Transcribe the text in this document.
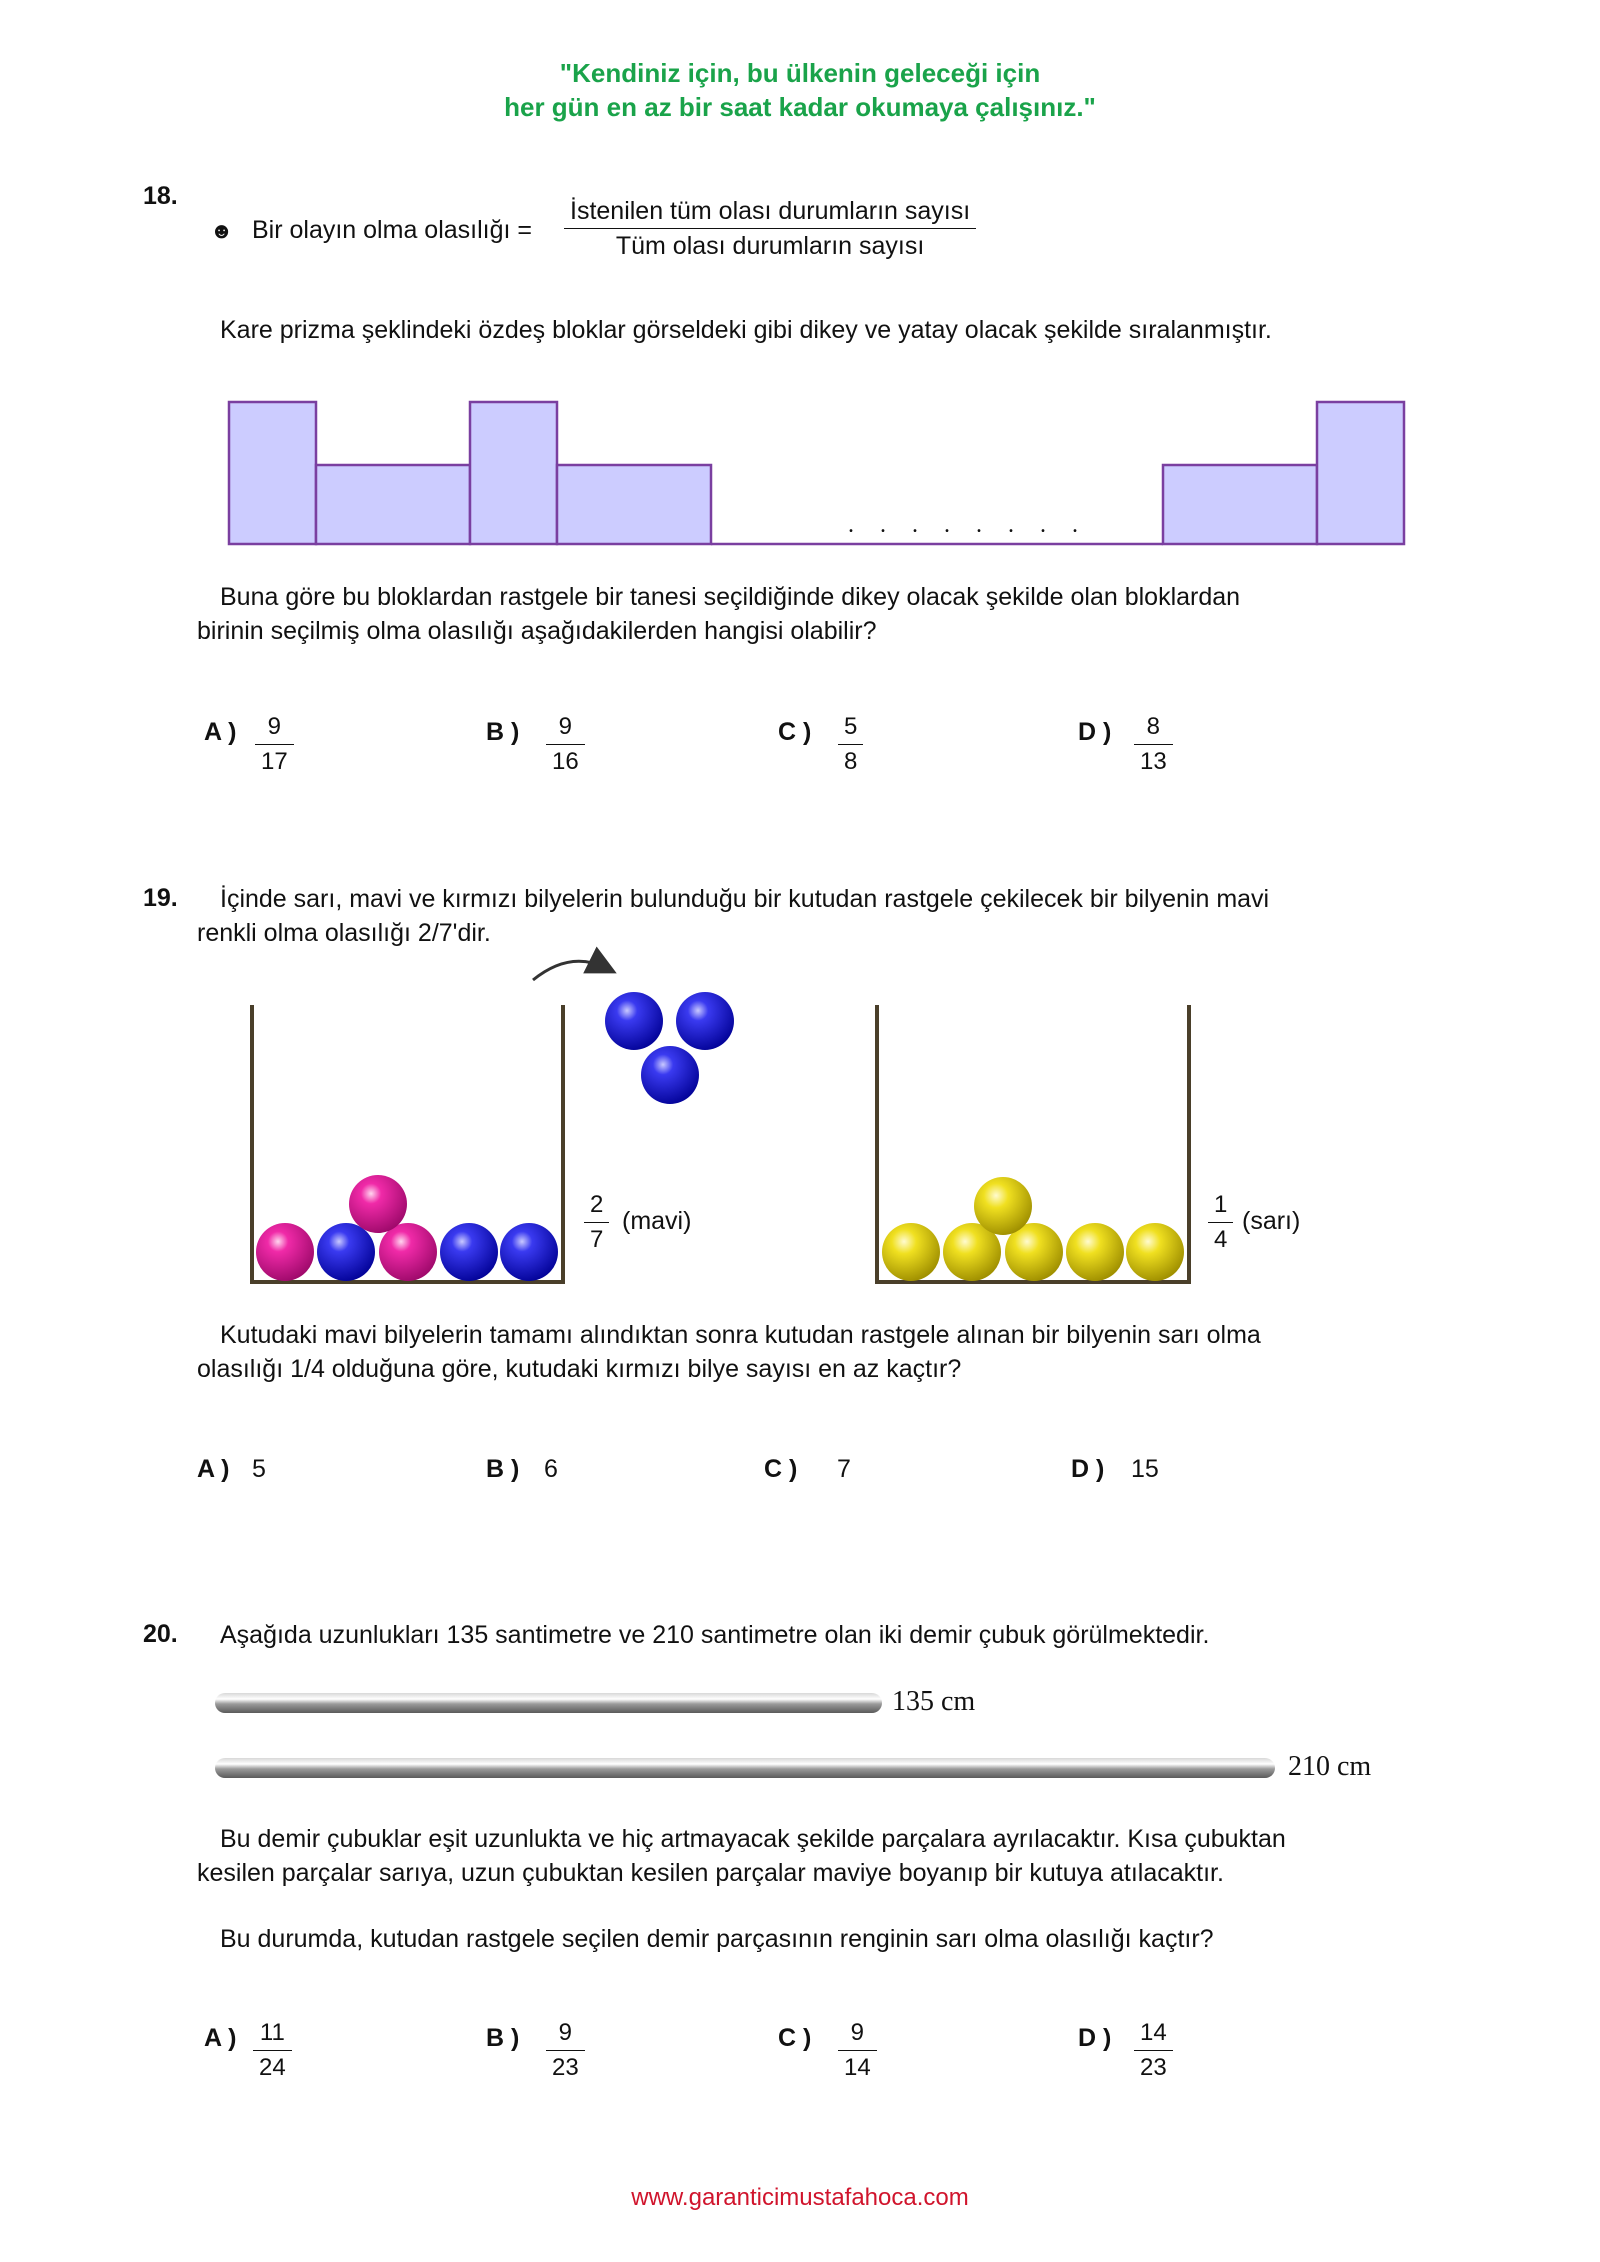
"Kendiniz için, bu ülkenin geleceği için
her gün en az bir saat kadar okumaya çalışınız."
18.
☻ Bir olayın olma olasılığı =
İstenilen tüm olası durumların sayısı
Tüm olası durumların sayısı
Kare prizma şeklindeki özdeş bloklar görseldeki gibi dikey ve yatay olacak şekilde sıralanmıştır.
. . . . . . . .
Buna göre bu bloklardan rastgele bir tanesi seçildiğinde dikey olacak şekilde olan bloklardan
birinin seçilmiş olma olasılığı aşağıdakilerden hangisi olabilir?
A ) 9
17
B ) 9
16
C ) 5
8
D ) 8
13
19. İçinde sarı, mavi ve kırmızı bilyelerin bulunduğu bir kutudan rastgele çekilecek bir bilyenin mavi
renkli olma olasılığı 2/7'dir.
2
7
(mavi)
1
4
(sarı)
Kutudaki mavi bilyelerin tamamı alındıktan sonra kutudan rastgele alınan bir bilyenin sarı olma
olasılığı 1/4 olduğuna göre, kutudaki kırmızı bilye sayısı en az kaçtır?
A ) 5	B ) 6	C ) 7	D ) 15
20. Aşağıda uzunlukları 135 santimetre ve 210 santimetre olan iki demir çubuk görülmektedir.
135 cm
210 cm
Bu demir çubuklar eşit uzunlukta ve hiç artmayacak şekilde parçalara ayrılacaktır. Kısa çubuktan
kesilen parçalar sarıya, uzun çubuktan kesilen parçalar maviye boyanıp bir kutuya atılacaktır.
Bu durumda, kutudan rastgele seçilen demir parçasının renginin sarı olma olasılığı kaçtır?
A ) 11
24
B ) 9
23
C ) 9
14
D ) 14
23
www.garanticimustafahoca.com
